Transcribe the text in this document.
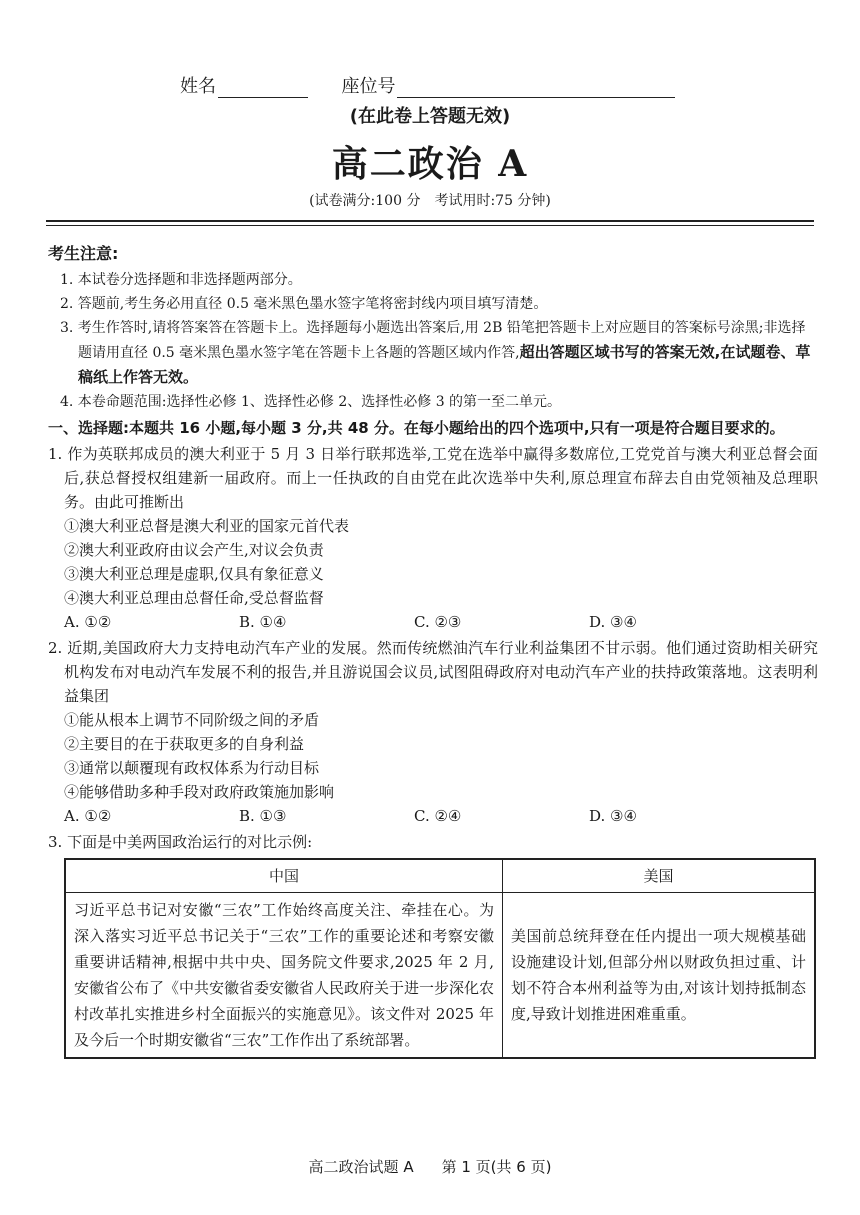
姓名	座位号
(在此卷上答题无效)
高二政治 A
(试卷满分:100 分　考试用时:75 分钟)
考生注意:
1. 本试卷分选择题和非选择题两部分。
2. 答题前,考生务必用直径 0.5 毫米黑色墨水签字笔将密封线内项目填写清楚。
3. 考生作答时,请将答案答在答题卡上。选择题每小题选出答案后,用 2B 铅笔把答题卡上对应题目的答案标号涂黑;非选择题请用直径 0.5 毫米黑色墨水签字笔在答题卡上各题的答题区域内作答,超出答题区域书写的答案无效,在试题卷、草稿纸上作答无效。
4. 本卷命题范围:选择性必修 1、选择性必修 2、选择性必修 3 的第一至二单元。
一、选择题:本题共 16 小题,每小题 3 分,共 48 分。在每小题给出的四个选项中,只有一项是符合题目要求的。
1. 作为英联邦成员的澳大利亚于 5 月 3 日举行联邦选举,工党在选举中赢得多数席位,工党党首与澳大利亚总督会面后,获总督授权组建新一届政府。而上一任执政的自由党在此次选举中失利,原总理宣布辞去自由党领袖及总理职务。由此可推断出
①澳大利亚总督是澳大利亚的国家元首代表
②澳大利亚政府由议会产生,对议会负责
③澳大利亚总理是虚职,仅具有象征意义
④澳大利亚总理由总督任命,受总督监督
A. ①②	B. ①④	C. ②③	D. ③④
2. 近期,美国政府大力支持电动汽车产业的发展。然而传统燃油汽车行业利益集团不甘示弱。他们通过资助相关研究机构发布对电动汽车发展不利的报告,并且游说国会议员,试图阻碍政府对电动汽车产业的扶持政策落地。这表明利益集团
①能从根本上调节不同阶级之间的矛盾
②主要目的在于获取更多的自身利益
③通常以颠覆现有政权体系为行动目标
④能够借助多种手段对政府政策施加影响
A. ①②	B. ①③	C. ②④	D. ③④
3. 下面是中美两国政治运行的对比示例:
中国	美国
习近平总书记对安徽“三农”工作始终高度关注、牵挂在心。为深入落实习近平总书记关于“三农”工作的重要论述和考察安徽重要讲话精神,根据中共中央、国务院文件要求,2025 年 2 月,安徽省公布了《中共安徽省委安徽省人民政府关于进一步深化农村改革扎实推进乡村全面振兴的实施意见》。该文件对 2025 年及今后一个时期安徽省“三农”工作作出了系统部署。	美国前总统拜登在任内提出一项大规模基础设施建设计划,但部分州以财政负担过重、计划不符合本州利益等为由,对该计划持抵制态度,导致计划推进困难重重。
高二政治试题 A 第 1 页(共 6 页)
